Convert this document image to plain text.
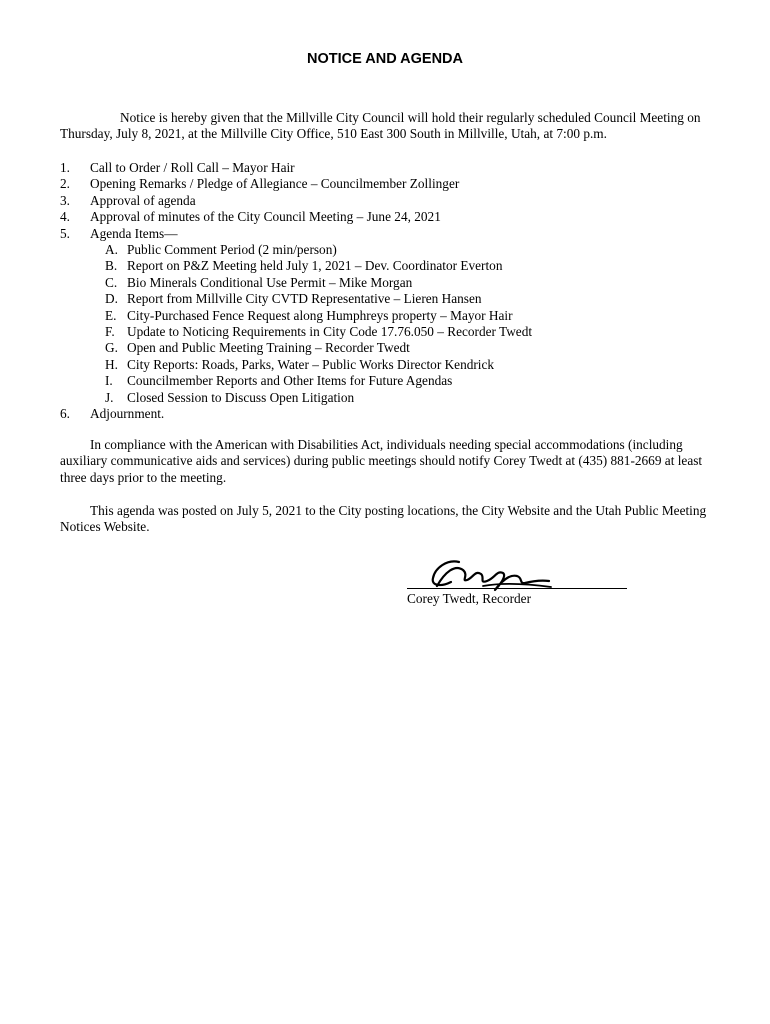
NOTICE AND AGENDA

Notice is hereby given that the Millville City Council will hold their regularly scheduled Council Meeting on Thursday, July 8, 2021, at the Millville City Office, 510 East 300 South in Millville, Utah, at 7:00 p.m.

1. Call to Order / Roll Call – Mayor Hair
2. Opening Remarks / Pledge of Allegiance – Councilmember Zollinger
3. Approval of agenda
4. Approval of minutes of the City Council Meeting – June 24, 2021
5. Agenda Items—
A. Public Comment Period (2 min/person)
B. Report on P&Z Meeting held July 1, 2021 – Dev. Coordinator Everton
C. Bio Minerals Conditional Use Permit – Mike Morgan
D. Report from Millville City CVTD Representative – Lieren Hansen
E. City-Purchased Fence Request along Humphreys property – Mayor Hair
F. Update to Noticing Requirements in City Code 17.76.050 – Recorder Twedt
G. Open and Public Meeting Training – Recorder Twedt
H. City Reports: Roads, Parks, Water – Public Works Director Kendrick
I.	Councilmember Reports and Other Items for Future Agendas
J.	Closed Session to Discuss Open Litigation
6. Adjournment.

In compliance with the American with Disabilities Act, individuals needing special accommodations (including auxiliary communicative aids and services) during public meetings should notify Corey Twedt at (435) 881-2669 at least three days prior to the meeting.

This agenda was posted on July 5, 2021 to the City posting locations, the City Website and the Utah Public Meeting Notices Website.

Corey Twedt, Recorder
